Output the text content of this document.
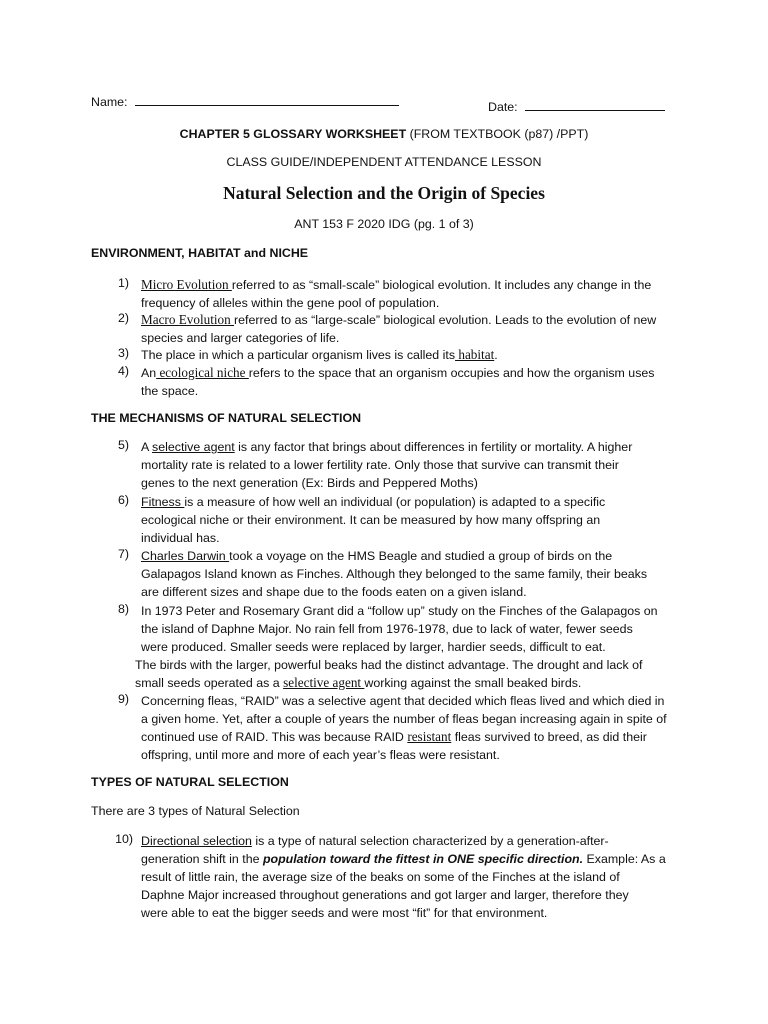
Name:	Date:
CHAPTER 5 GLOSSARY WORKSHEET (FROM TEXTBOOK (p87) /PPT)
CLASS GUIDE/INDEPENDENT ATTENDANCE LESSON
Natural Selection and the Origin of Species
ANT 153 F 2020 IDG (pg. 1 of 3)
ENVIRONMENT, HABITAT and NICHE
1) Micro Evolution referred to as “small-scale” biological evolution. It includes any change in the
frequency of alleles within the gene pool of population.
2) Macro Evolution referred to as “large-scale” biological evolution. Leads to the evolution of new
species and larger categories of life.
3) The place in which a particular organism lives is called its habitat.
4) An ecological niche refers to the space that an organism occupies and how the organism uses
the space.
THE MECHANISMS OF NATURAL SELECTION
5) A selective agent is any factor that brings about differences in fertility or mortality. A higher
mortality rate is related to a lower fertility rate. Only those that survive can transmit their
genes to the next generation (Ex: Birds and Peppered Moths)
6) Fitness is a measure of how well an individual (or population) is adapted to a specific
ecological niche or their environment. It can be measured by how many offspring an
individual has.
7) Charles Darwin took a voyage on the HMS Beagle and studied a group of birds on the
Galapagos Island known as Finches. Although they belonged to the same family, their beaks
are different sizes and shape due to the foods eaten on a given island.
8) In 1973 Peter and Rosemary Grant did a “follow up” study on the Finches of the Galapagos on
the island of Daphne Major. No rain fell from 1976-1978, due to lack of water, fewer seeds
were produced. Smaller seeds were replaced by larger, hardier seeds, difficult to eat.
The birds with the larger, powerful beaks had the distinct advantage. The drought and lack of
small seeds operated as a selective agent working against the small beaked birds.
9) Concerning fleas, “RAID” was a selective agent that decided which fleas lived and which died in
a given home. Yet, after a couple of years the number of fleas began increasing again in spite of
continued use of RAID. This was because RAID resistant fleas survived to breed, as did their
offspring, until more and more of each year’s fleas were resistant.
TYPES OF NATURAL SELECTION
There are 3 types of Natural Selection
10) Directional selection is a type of natural selection characterized by a generation-after-
generation shift in the population toward the fittest in ONE specific direction. Example: As a
result of little rain, the average size of the beaks on some of the Finches at the island of
Daphne Major increased throughout generations and got larger and larger, therefore they
were able to eat the bigger seeds and were most “fit” for that environment.
